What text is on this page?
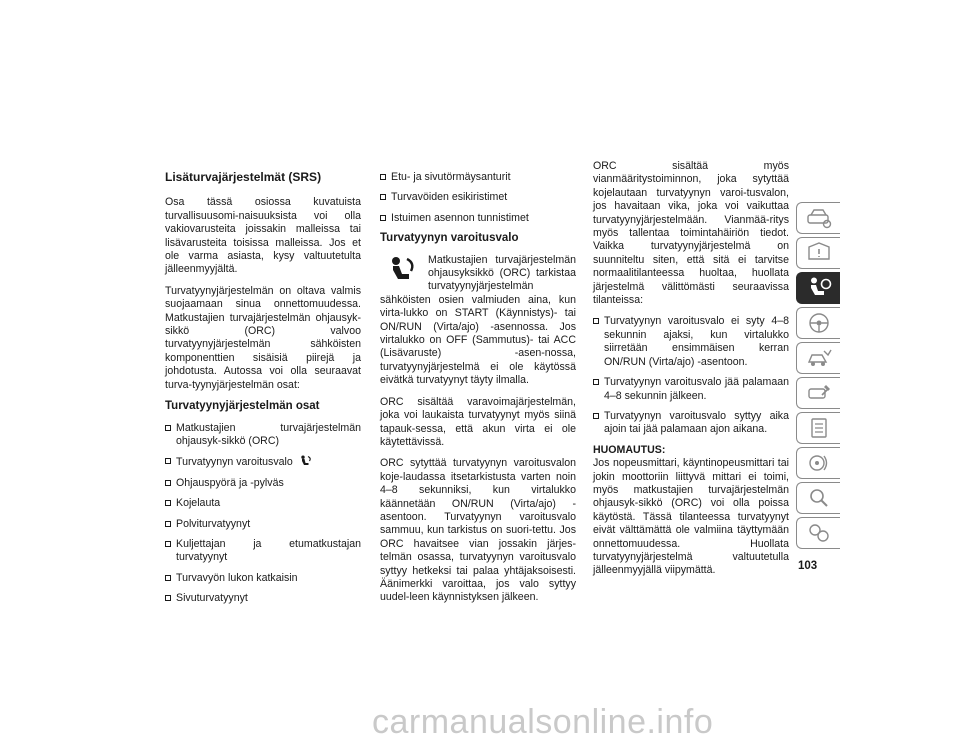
Lisäturvajärjestelmät (SRS)

Osa tässä osiossa kuvatuista turvallisuusomi-naisuuksista voi olla vakiovarusteita joissakin malleissa tai lisävarusteita toisissa malleissa. Jos et ole varma asiasta, kysy valtuutetulta jälleenmyyjältä.

Turvatyynyjärjestelmän on oltava valmis suojaamaan sinua onnettomuudessa. Matkustajien turvajärjestelmän ohjausyk-sikkö (ORC) valvoo turvatyynyjärjestelmän sähköisten komponenttien sisäisiä piirejä ja johdotusta. Autossa voi olla seuraavat turva-tyynyjärjestelmän osat:

Turvatyynyjärjestelmän osat
Matkustajien turvajärjestelmän ohjausyk-sikkö (ORC)
Turvatyynyn varoitusvalo
Ohjauspyörä ja -pylväs
Kojelauta
Polviturvatyynyt
Kuljettajan ja etumatkustajan turvatyynyt
Turvavyön lukon katkaisin
Sivuturvatyynyt
Etu- ja sivutörmäysanturit
Turvavöiden esikiristimet
Istuimen asennon tunnistimet
Turvatyynyn varoitusvalo

Matkustajien turvajärjestelmän ohjausyksikkö (ORC) tarkistaa turvatyynyjärjestelmän sähköisten osien valmiuden aina, kun virta-lukko on START (Käynnistys)- tai ON/RUN (Virta/ajo) -asennossa. Jos virtalukko on OFF (Sammutus)- tai ACC (Lisävaruste) -asen-nossa, turvatyynyjärjestelmä ei ole käytössä eivätkä turvatyynyt täyty ilmalla.

ORC sisältää varavoimajärjestelmän, joka voi laukaista turvatyynyt myös siinä tapauk-sessa, että akun virta ei ole käytettävissä.

ORC sytyttää turvatyynyn varoitusvalon koje-laudassa itsetarkistusta varten noin 4–8 sekunniksi, kun virtalukko käännetään ON/RUN (Virta/ajo) -asentoon. Turvatyynyn varoitusvalo sammuu, kun tarkistus on suori-tettu. Jos ORC havaitsee vian jossakin järjes-telmän osassa, turvatyynyn varoitusvalo syttyy hetkeksi tai palaa yhtäjaksoisesti. Äänimerkki varoittaa, jos valo syttyy uudel-leen käynnistyksen jälkeen.

ORC sisältää myös vianmääritystoiminnon, joka sytyttää kojelautaan turvatyynyn varoi-tusvalon, jos havaitaan vika, joka voi vaikuttaa turvatyynyjärjestelmään. Vianmää-ritys myös tallentaa toimintahäiriön tiedot. Vaikka turvatyynyjärjestelmä on suunniteltu siten, että sitä ei tarvitse normaalitilanteessa huoltaa, huollata järjestelmä välittömästi seuraavissa tilanteissa:

Turvatyynyn varoitusvalo ei syty 4–8 sekunnin ajaksi, kun virtalukko siirretään ensimmäisen kerran ON/RUN (Virta/ajo) -asentoon.
Turvatyynyn varoitusvalo jää palamaan 4–8 sekunnin jälkeen.
Turvatyynyn varoitusvalo syttyy aika ajoin tai jää palamaan ajon aikana.
HUOMAUTUS:

Jos nopeusmittari, käyntinopeusmittari tai jokin moottoriin liittyvä mittari ei toimi, myös matkustajien turvajärjestelmän ohjausyk-sikkö (ORC) voi olla poissa käytöstä. Tässä tilanteessa turvatyynyt eivät välttämättä ole valmiina täyttymään onnettomuudessa. Huollata turvatyynyjärjestelmä valtuutetulla jälleenmyyjällä viipymättä.	103
carmanualsonline.info
